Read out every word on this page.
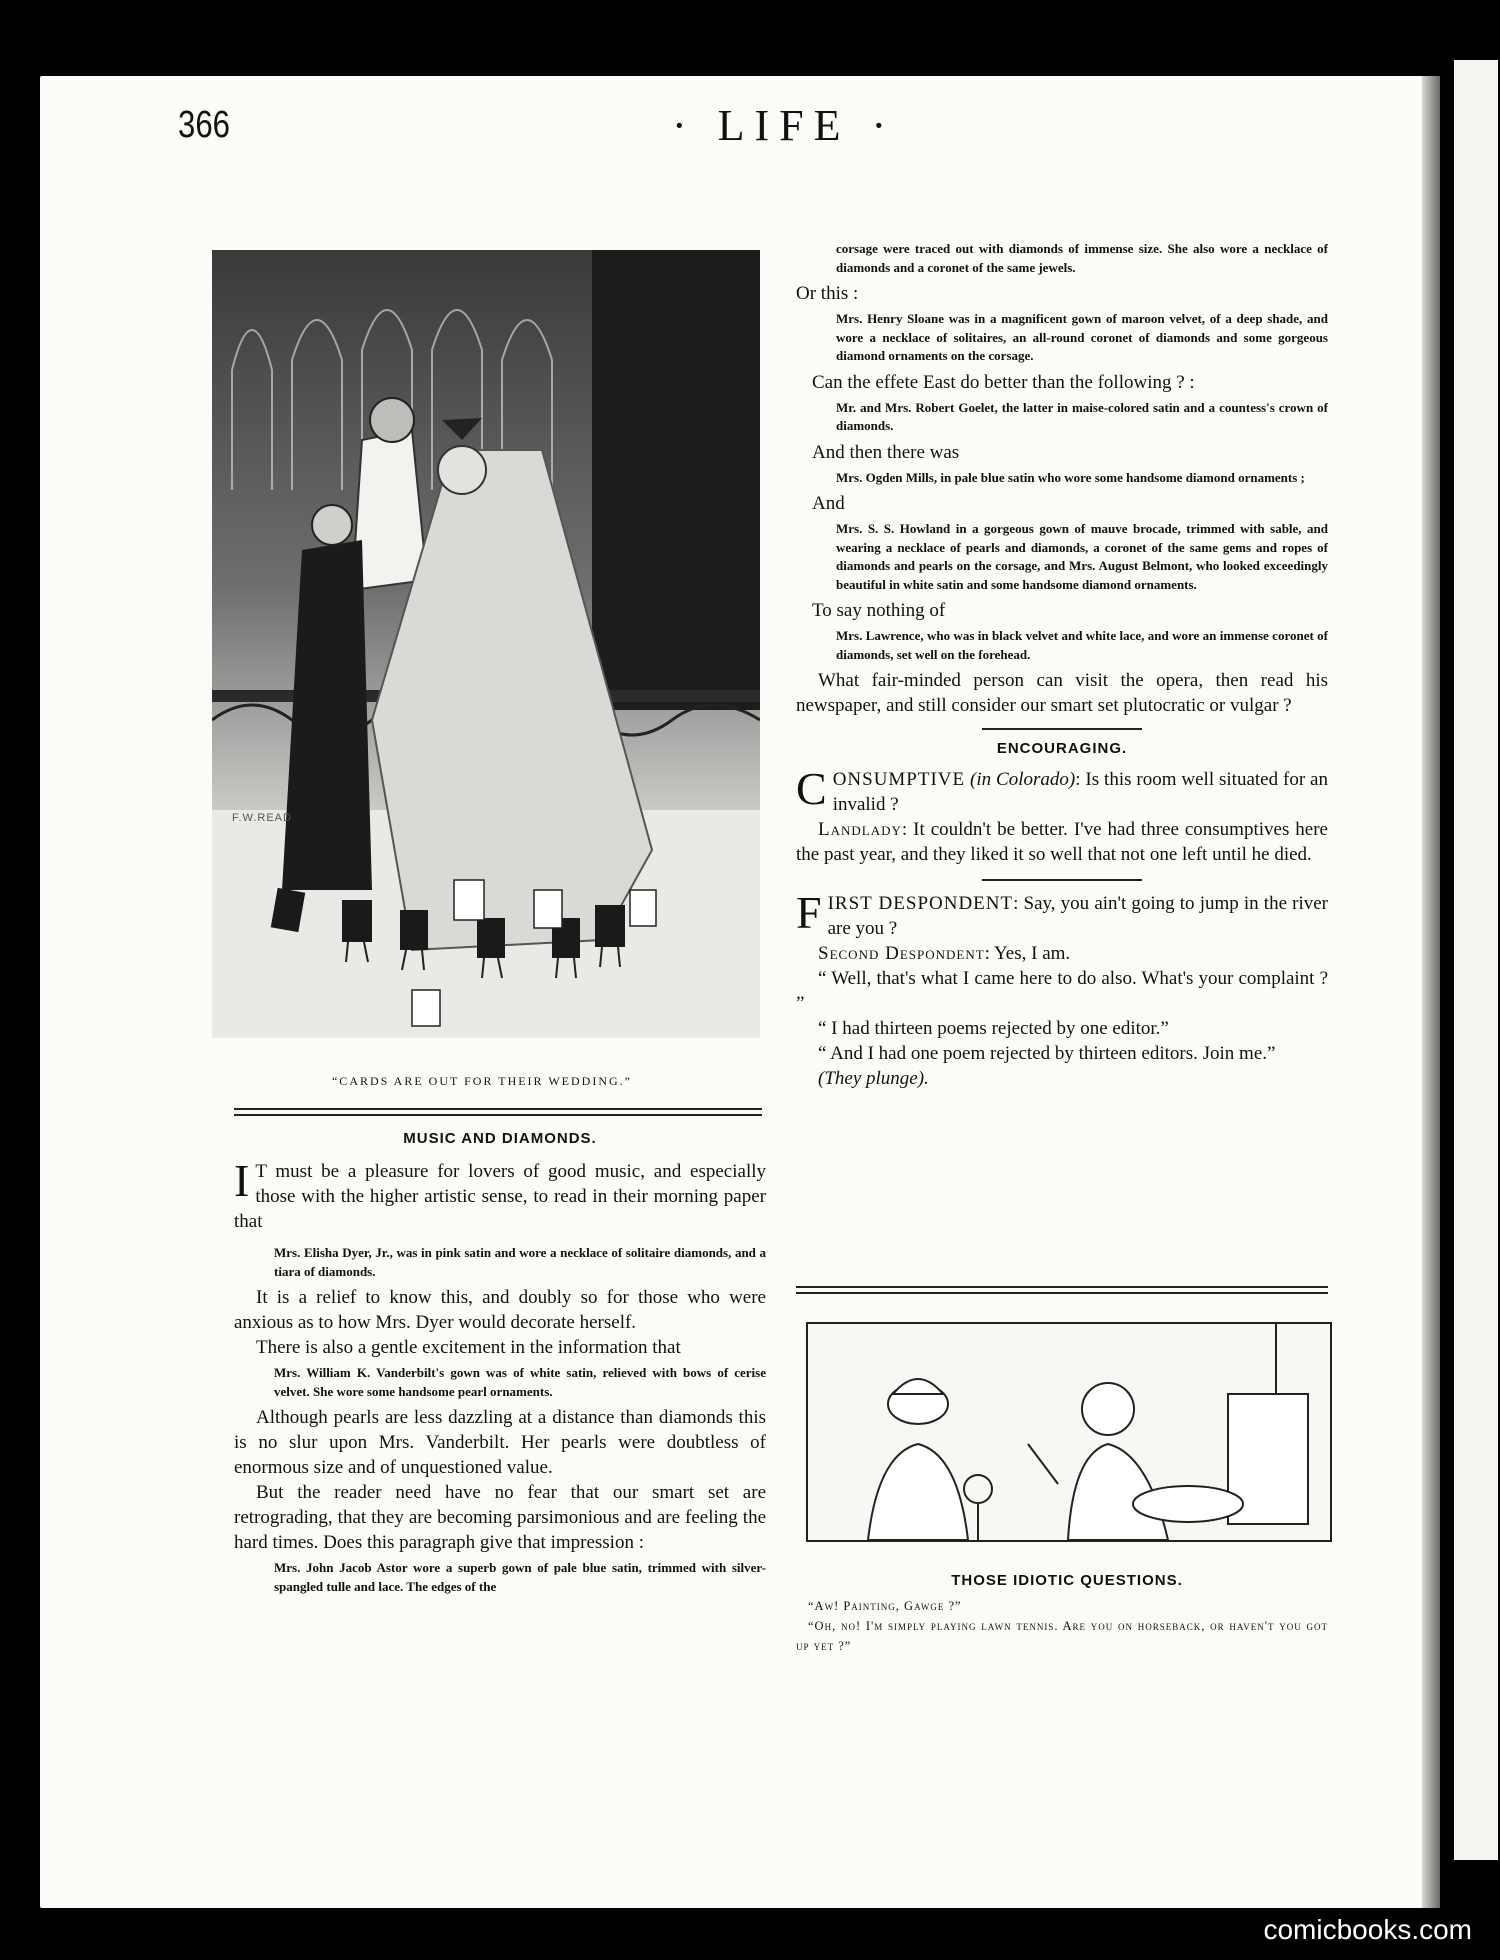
366	· LIFE ·
F.W.READ
“CARDS ARE OUT FOR THEIR WEDDING.”
MUSIC AND DIAMONDS.

I T must be a pleasure for lovers of good music, and especially those with the higher artistic sense, to read in their morning paper that

Mrs. Elisha Dyer, Jr., was in pink satin and wore a necklace of solitaire diamonds, and a tiara of diamonds.

It is a relief to know this, and doubly so for those who were anxious as to how Mrs. Dyer would decorate herself.

There is also a gentle excitement in the information that

Mrs. William K. Vanderbilt's gown was of white satin, relieved with bows of cerise velvet. She wore some handsome pearl ornaments.

Although pearls are less dazzling at a distance than diamonds this is no slur upon Mrs. Vanderbilt. Her pearls were doubtless of enormous size and of unquestioned value.

But the reader need have no fear that our smart set are retrograding, that they are becoming parsimonious and are feeling the hard times. Does this paragraph give that impression :

Mrs. John Jacob Astor wore a superb gown of pale blue satin, trimmed with silver-spangled tulle and lace. The edges of the
corsage were traced out with diamonds of immense size. She also wore a necklace of diamonds and a coronet of the same jewels.

Or this :

Mrs. Henry Sloane was in a magnificent gown of maroon velvet, of a deep shade, and wore a necklace of solitaires, an all-round coronet of diamonds and some gorgeous diamond ornaments on the corsage.

Can the effete East do better than the following ? :

Mr. and Mrs. Robert Goelet, the latter in maise-colored satin and a countess's crown of diamonds.

And then there was

Mrs. Ogden Mills, in pale blue satin who wore some handsome diamond ornaments ;

And

Mrs. S. S. Howland in a gorgeous gown of mauve brocade, trimmed with sable, and wearing a necklace of pearls and diamonds, a coronet of the same gems and ropes of diamonds and pearls on the corsage, and Mrs. August Belmont, who looked exceedingly beautiful in white satin and some handsome diamond ornaments.

To say nothing of

Mrs. Lawrence, who was in black velvet and white lace, and wore an immense coronet of diamonds, set well on the forehead.

What fair-minded person can visit the opera, then read his newspaper, and still consider our smart set plutocratic or vulgar ?

ENCOURAGING.

CONSUMPTIVE (in Colorado): Is this room well situated for an invalid ?

Landlady: It couldn't be better. I've had three consumptives here the past year, and they liked it so well that not one left until he died.

FIRST DESPONDENT: Say, you ain't going to jump in the river are you ?

Second Despondent: Yes, I am.

“ Well, that's what I came here to do also. What's your complaint ? ”

“ I had thirteen poems rejected by one editor.”

“ And I had one poem rejected by thirteen editors. Join me.”

(They plunge).

THOSE IDIOTIC QUESTIONS.
“Aw! Painting, Gawge ?”
“Oh, no! I'm simply playing lawn tennis. Are you on horseback, or haven't you got up yet ?”
comicbooks.com
